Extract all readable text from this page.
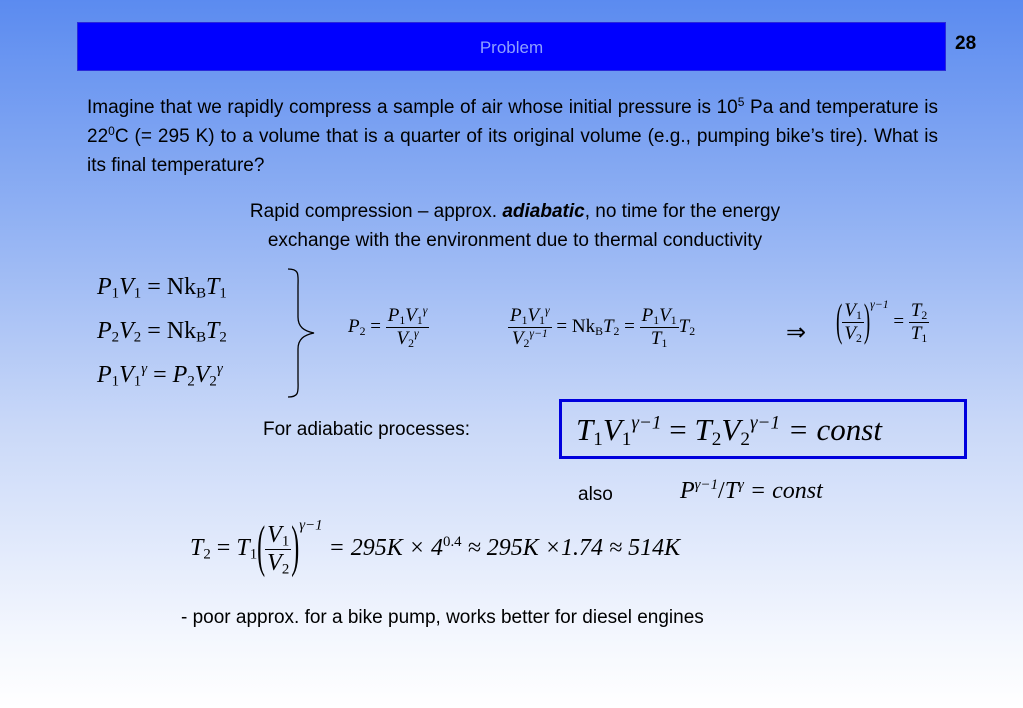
Problem	28
Imagine that we rapidly compress a sample of air whose initial pressure is $10^5$ Pa and temperature is $22^0C$ (= 295 K) to a volume that is a quarter of its original volume (e.g., pumping bike’s tire). What is its final temperature?
Rapid compression – approx. adiabatic, no time for the energy
exchange with the environment due to thermal conductivity
$P_1V_1 = Nk_BT_1$
$P_2V_2 = Nk_BT_2$
$P_1V_1^\gamma = P_2V_2^\gamma$
$P_2 = \frac{P_1V_1^\gamma}{V_2^\gamma}$	$\frac{P_1V_1^\gamma}{V_2^{\gamma-1}} = Nk_BT_2 = \frac{P_1V_1}{T_1} T_2$	⇒ ( $\frac{V_1}{V_2} )^{\gamma-1} = \frac{T_2}{T_1}$
For adiabatic processes:	$T_1V_1^{\gamma-1} = T_2V_2^{\gamma-1}$ = const
also	$P^{\gamma-1}/T^\gamma$ = const
$T_2 = T_1( \frac{V_1}{V_2} )^{\gamma-1} = 295K \times 4^{0.4} \approx 295K \times 1.74 \approx 514K$
- poor approx. for a bike pump, works better for diesel engines
